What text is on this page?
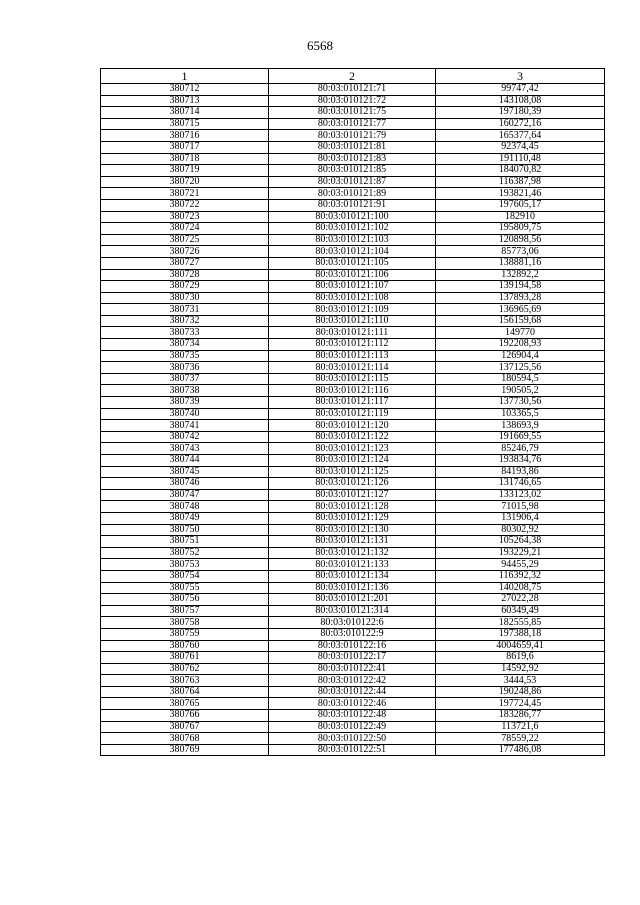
6568
1	2	3
380712	80:03:010121:71	99747,42
380713	80:03:010121:72	143108,08
380714	80:03:010121:75	197180,39
380715	80:03:010121:77	160272,16
380716	80:03:010121:79	165377,64
380717	80:03:010121:81	92374,45
380718	80:03:010121:83	191110,48
380719	80:03:010121:85	184070,82
380720	80:03:010121:87	116387,98
380721	80:03:010121:89	193821,46
380722	80:03:010121:91	197605,17
380723	80:03:010121:100	182910
380724	80:03:010121:102	195809,75
380725	80:03:010121:103	120898,56
380726	80:03:010121:104	85773,06
380727	80:03:010121:105	138881,16
380728	80:03:010121:106	132892,2
380729	80:03:010121:107	139194,58
380730	80:03:010121:108	137893,28
380731	80:03:010121:109	136965,69
380732	80:03:010121:110	156159,68
380733	80:03:010121:111	149770
380734	80:03:010121:112	192208,93
380735	80:03:010121:113	126904,4
380736	80:03:010121:114	137125,56
380737	80:03:010121:115	180594,5
380738	80:03:010121:116	190505,2
380739	80:03:010121:117	137730,56
380740	80:03:010121:119	103365,5
380741	80:03:010121:120	138693,9
380742	80:03:010121:122	191669,55
380743	80:03:010121:123	85246,79
380744	80:03:010121:124	193834,76
380745	80:03:010121:125	84193,86
380746	80:03:010121:126	131746,65
380747	80:03:010121:127	133123,02
380748	80:03:010121:128	71015,98
380749	80:03:010121:129	131906,4
380750	80:03:010121:130	80302,92
380751	80:03:010121:131	105264,38
380752	80:03:010121:132	193229,21
380753	80:03:010121:133	94455,29
380754	80:03:010121:134	116392,32
380755	80:03:010121:136	140208,75
380756	80:03:010121:201	27022,28
380757	80:03:010121:314	60349,49
380758	80:03:010122:6	182555,85
380759	80:03:010122:9	197388,18
380760	80:03:010122:16	4004659,41
380761	80:03:010122:17	8619,6
380762	80:03:010122:41	14592,92
380763	80:03:010122:42	3444,53
380764	80:03:010122:44	190248,86
380765	80:03:010122:46	197724,45
380766	80:03:010122:48	183286,77
380767	80:03:010122:49	113721,6
380768	80:03:010122:50	78559,22
380769	80:03:010122:51	177486,08
